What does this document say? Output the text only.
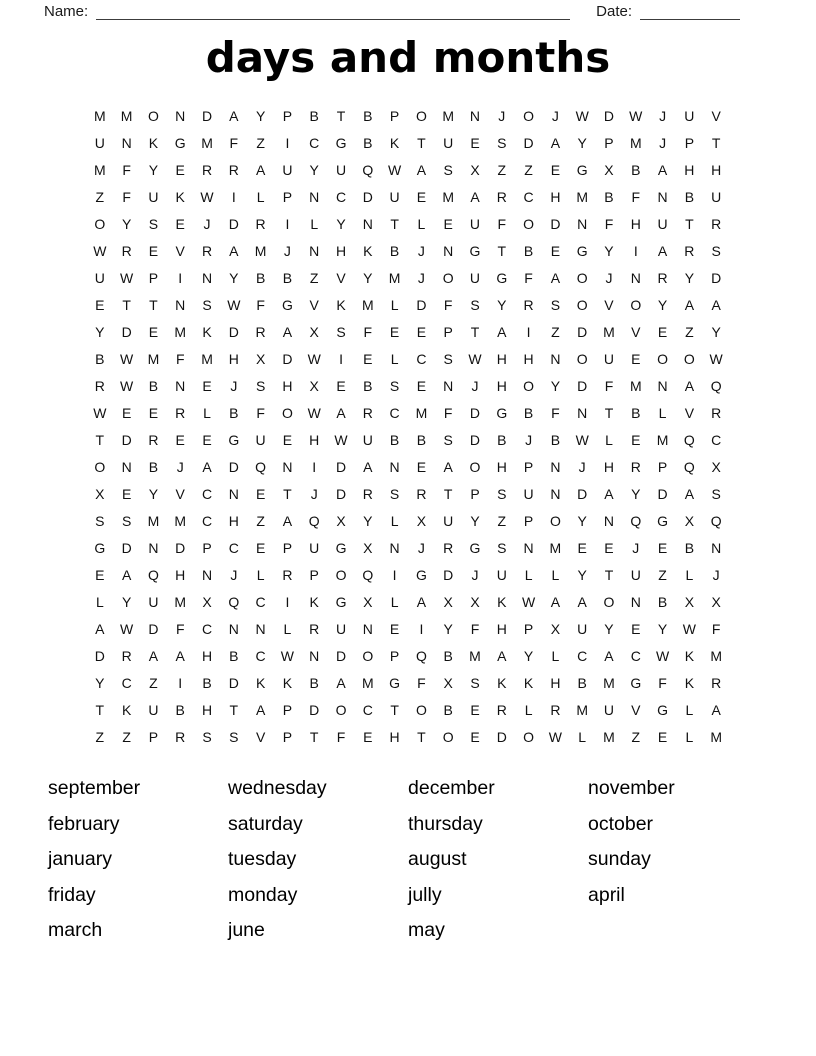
Name:	Date:
days and months
M	M	O	N	D	A	Y	P	B	T	B	P	O	M	N	J	O	J	W	D	W	J	U	V
U	N	K	G	M	F	Z	I	C	G	B	K	T	U	E	S	D	A	Y	P	M	J	P	T
M	F	Y	E	R	R	A	U	Y	U	Q	W	A	S	X	Z	Z	E	G	X	B	A	H	H
Z	F	U	K	W	I	L	P	N	C	D	U	E	M	A	R	C	H	M	B	F	N	B	U
O	Y	S	E	J	D	R	I	L	Y	N	T	L	E	U	F	O	D	N	F	H	U	T	R
W	R	E	V	R	A	M	J	N	H	K	B	J	N	G	T	B	E	G	Y	I	A	R	S
U	W	P	I	N	Y	B	B	Z	V	Y	M	J	O	U	G	F	A	O	J	N	R	Y	D
E	T	T	N	S	W	F	G	V	K	M	L	D	F	S	Y	R	S	O	V	O	Y	A	A
Y	D	E	M	K	D	R	A	X	S	F	E	E	P	T	A	I	Z	D	M	V	E	Z	Y
B	W	M	F	M	H	X	D	W	I	E	L	C	S	W	H	H	N	O	U	E	O	O	W
R	W	B	N	E	J	S	H	X	E	B	S	E	N	J	H	O	Y	D	F	M	N	A	Q
W	E	E	R	L	B	F	O	W	A	R	C	M	F	D	G	B	F	N	T	B	L	V	R
T	D	R	E	E	G	U	E	H	W	U	B	B	S	D	B	J	B	W	L	E	M	Q	C
O	N	B	J	A	D	Q	N	I	D	A	N	E	A	O	H	P	N	J	H	R	P	Q	X
X	E	Y	V	C	N	E	T	J	D	R	S	R	T	P	S	U	N	D	A	Y	D	A	S
S	S	M	M	C	H	Z	A	Q	X	Y	L	X	U	Y	Z	P	O	Y	N	Q	G	X	Q
G	D	N	D	P	C	E	P	U	G	X	N	J	R	G	S	N	M	E	E	J	E	B	N
E	A	Q	H	N	J	L	R	P	O	Q	I	G	D	J	U	L	L	Y	T	U	Z	L	J
L	Y	U	M	X	Q	C	I	K	G	X	L	A	X	X	K	W	A	A	O	N	B	X	X
A	W	D	F	C	N	N	L	R	U	N	E	I	Y	F	H	P	X	U	Y	E	Y	W	F
D	R	A	A	H	B	C	W	N	D	O	P	Q	B	M	A	Y	L	C	A	C	W	K	M
Y	C	Z	I	B	D	K	K	B	A	M	G	F	X	S	K	K	H	B	M	G	F	K	R
T	K	U	B	H	T	A	P	D	O	C	T	O	B	E	R	L	R	M	U	V	G	L	A
Z	Z	P	R	S	S	V	P	T	F	E	H	T	O	E	D	O	W	L	M	Z	E	L	M
september
february
january
friday
march
wednesday
saturday
tuesday
monday
june
december
thursday
august
jully
may
november
october
sunday
april
